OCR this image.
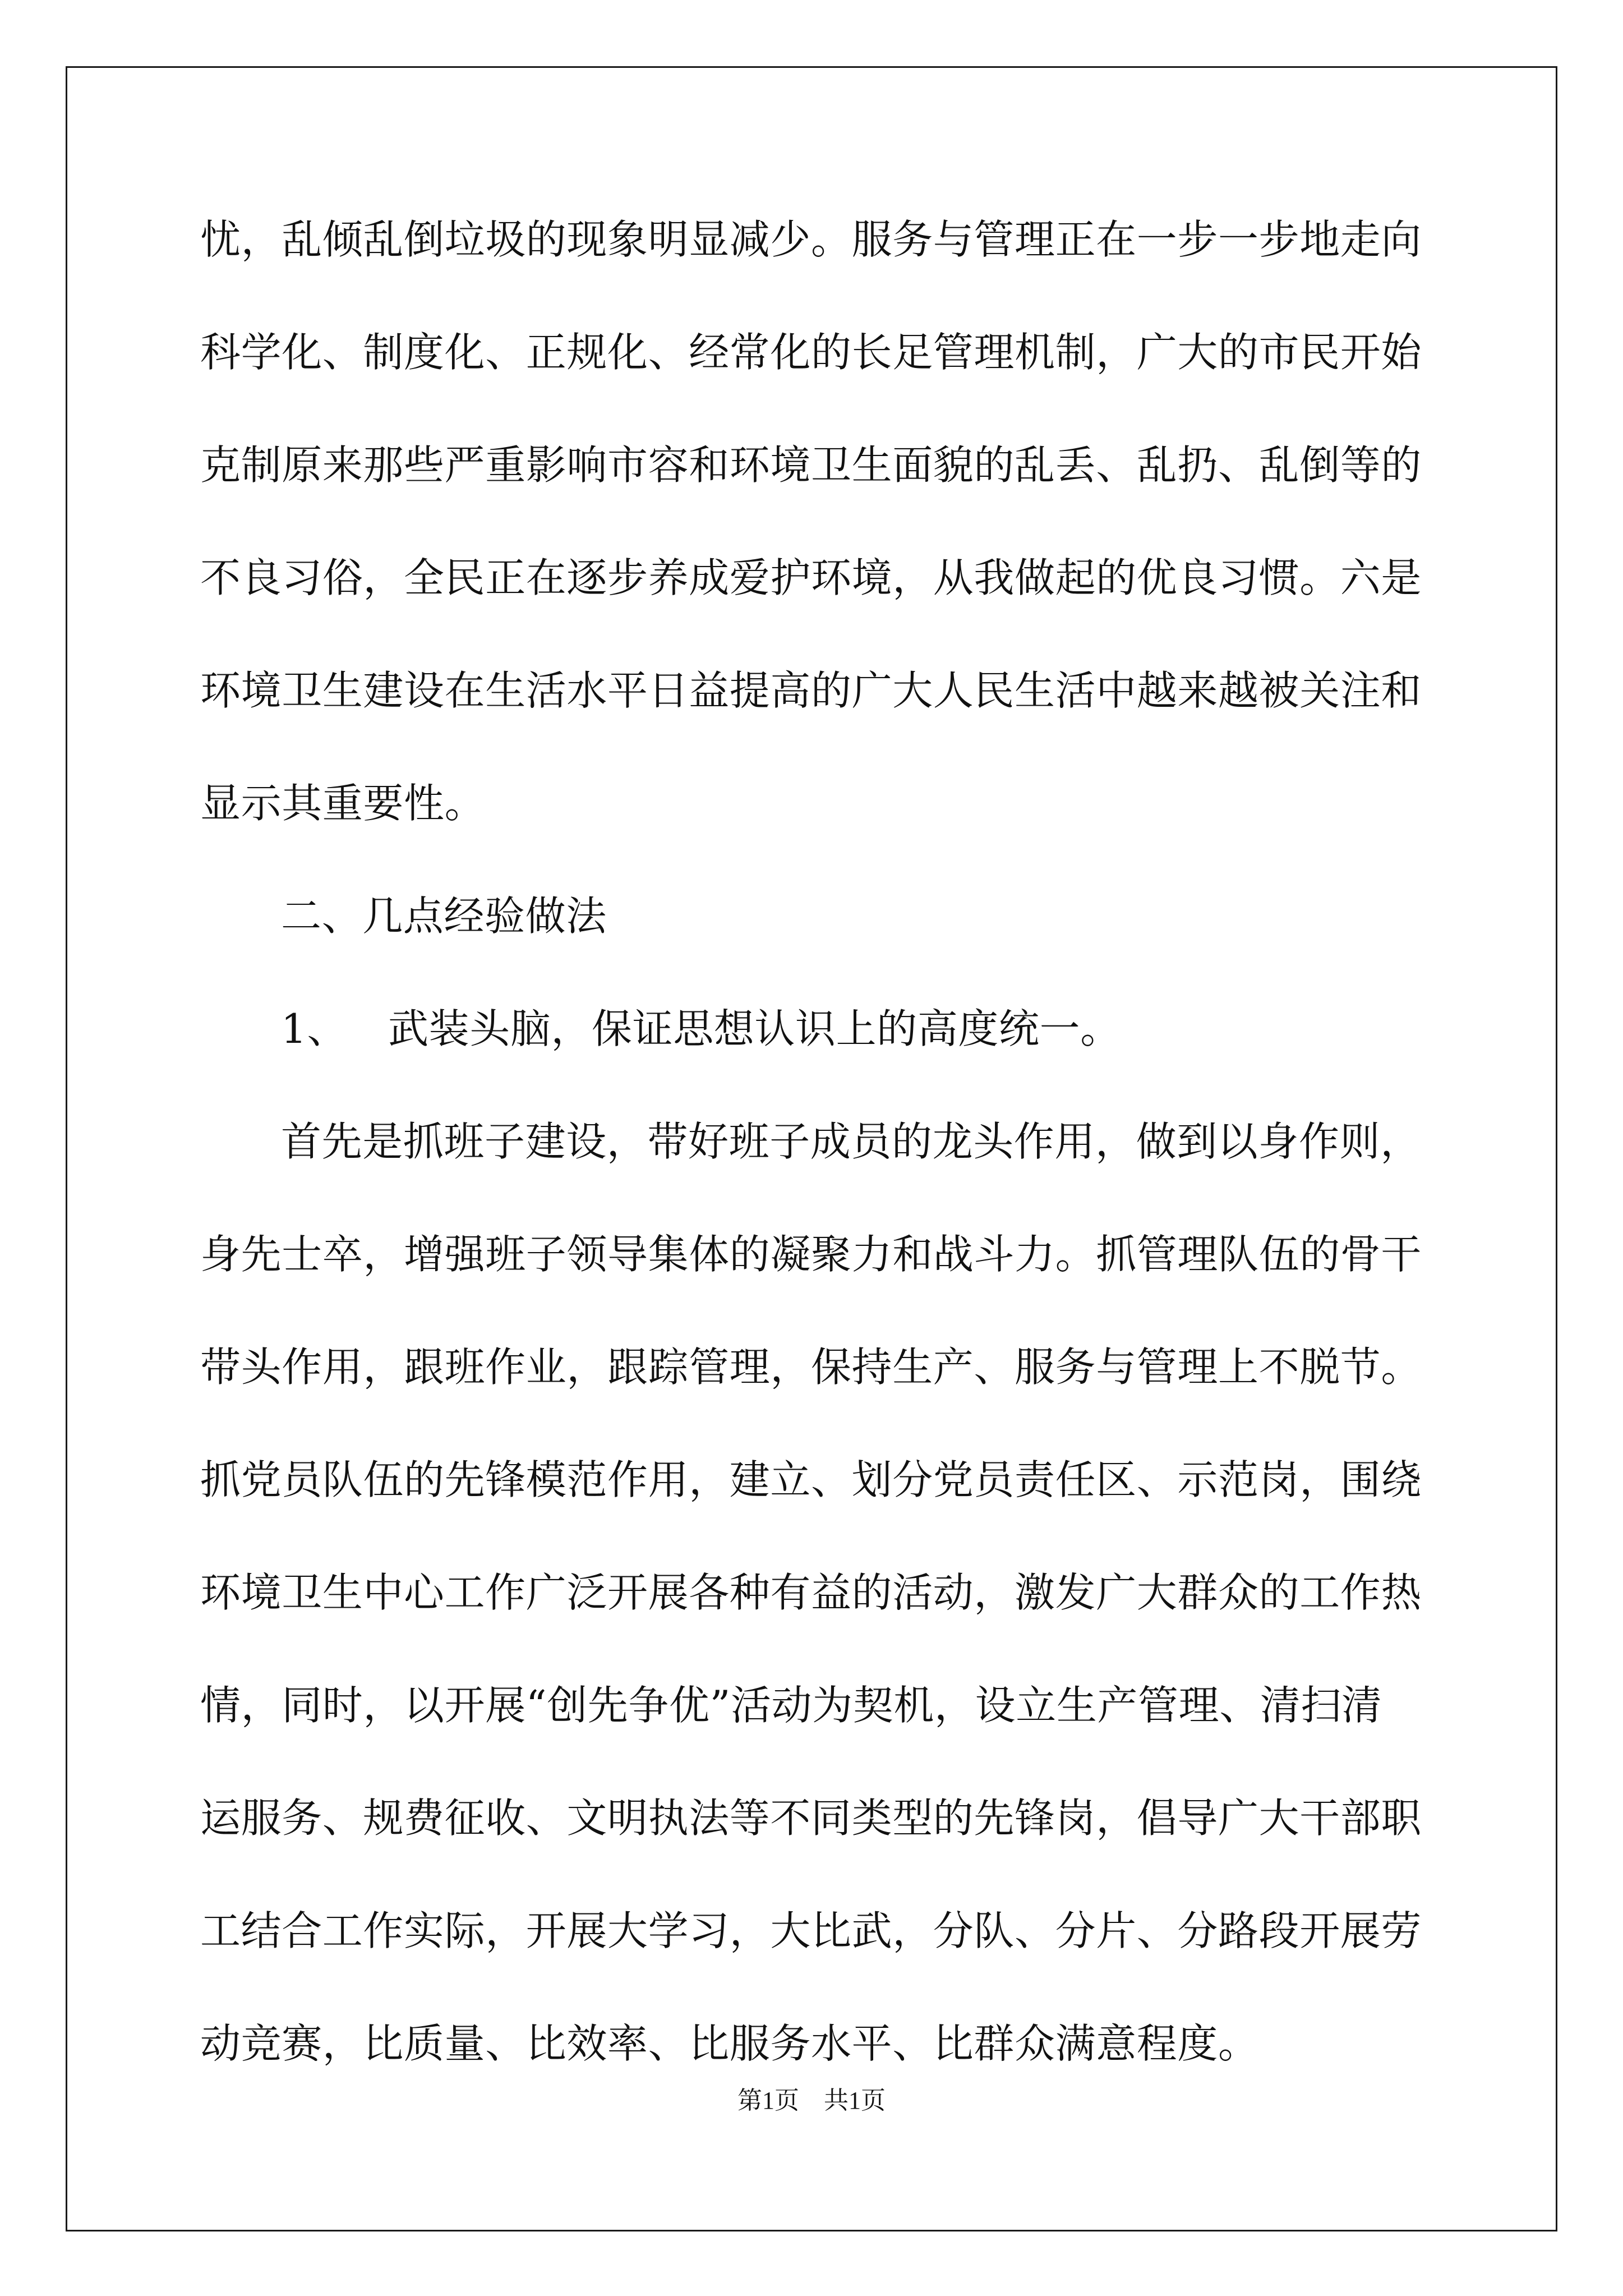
忧，乱倾乱倒垃圾的现象明显减少。服务与管理正在一步一步地走向
科学化、制度化、正规化、经常化的长足管理机制，广大的市民开始
克制原来那些严重影响市容和环境卫生面貌的乱丢、乱扔、乱倒等的
不良习俗，全民正在逐步养成爱护环境，从我做起的优良习惯。六是
环境卫生建设在生活水平日益提高的广大人民生活中越来越被关注和
显示其重要性。
二、几点经验做法
1、 武装头脑，保证思想认识上的高度统一。
首先是抓班子建设，带好班子成员的龙头作用，做到以身作则，
身先士卒，增强班子领导集体的凝聚力和战斗力。抓管理队伍的骨干
带头作用，跟班作业，跟踪管理，保持生产、服务与管理上不脱节。
抓党员队伍的先锋模范作用，建立、划分党员责任区、示范岗，围绕
环境卫生中心工作广泛开展各种有益的活动，激发广大群众的工作热
情，同时，以开展“创先争优”活动为契机，设立生产管理、清扫清
运服务、规费征收、文明执法等不同类型的先锋岗，倡导广大干部职
工结合工作实际，开展大学习，大比武，分队、分片、分路段开展劳
动竞赛，比质量、比效率、比服务水平、比群众满意程度。
第1页　共1页
